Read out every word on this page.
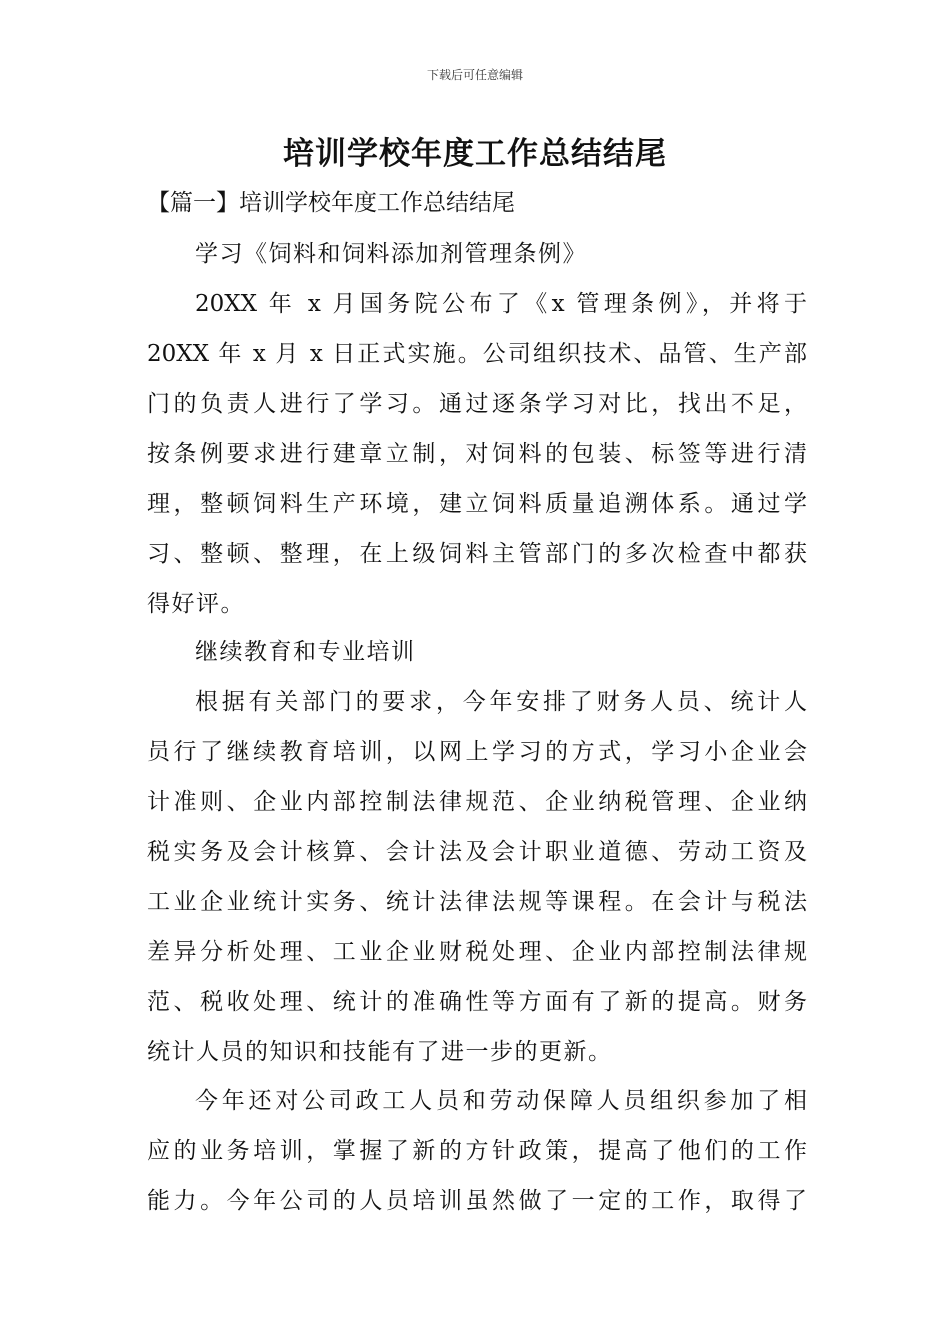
下载后可任意编辑
培训学校年度工作总结结尾
【篇一】培训学校年度工作总结结尾
学习《饲料和饲料添加剂管理条例》
20XX 年 x 月国务院公布了《x 管理条例》，并将于
20XX 年 x 月 x 日正式实施。公司组织技术、品管、生产部
门的负责人进行了学习。通过逐条学习对比，找出不足，
按条例要求进行建章立制，对饲料的包装、标签等进行清
理，整顿饲料生产环境，建立饲料质量追溯体系。通过学
习、整顿、整理，在上级饲料主管部门的多次检查中都获
得好评。
继续教育和专业培训
根据有关部门的要求，今年安排了财务人员、统计人
员行了继续教育培训，以网上学习的方式，学习小企业会
计准则、企业内部控制法律规范、企业纳税管理、企业纳
税实务及会计核算、会计法及会计职业道德、劳动工资及
工业企业统计实务、统计法律法规等课程。在会计与税法
差异分析处理、工业企业财税处理、企业内部控制法律规
范、税收处理、统计的准确性等方面有了新的提高。财务
统计人员的知识和技能有了进一步的更新。
今年还对公司政工人员和劳动保障人员组织参加了相
应的业务培训，掌握了新的方针政策，提高了他们的工作
能力。今年公司的人员培训虽然做了一定的工作，取得了
